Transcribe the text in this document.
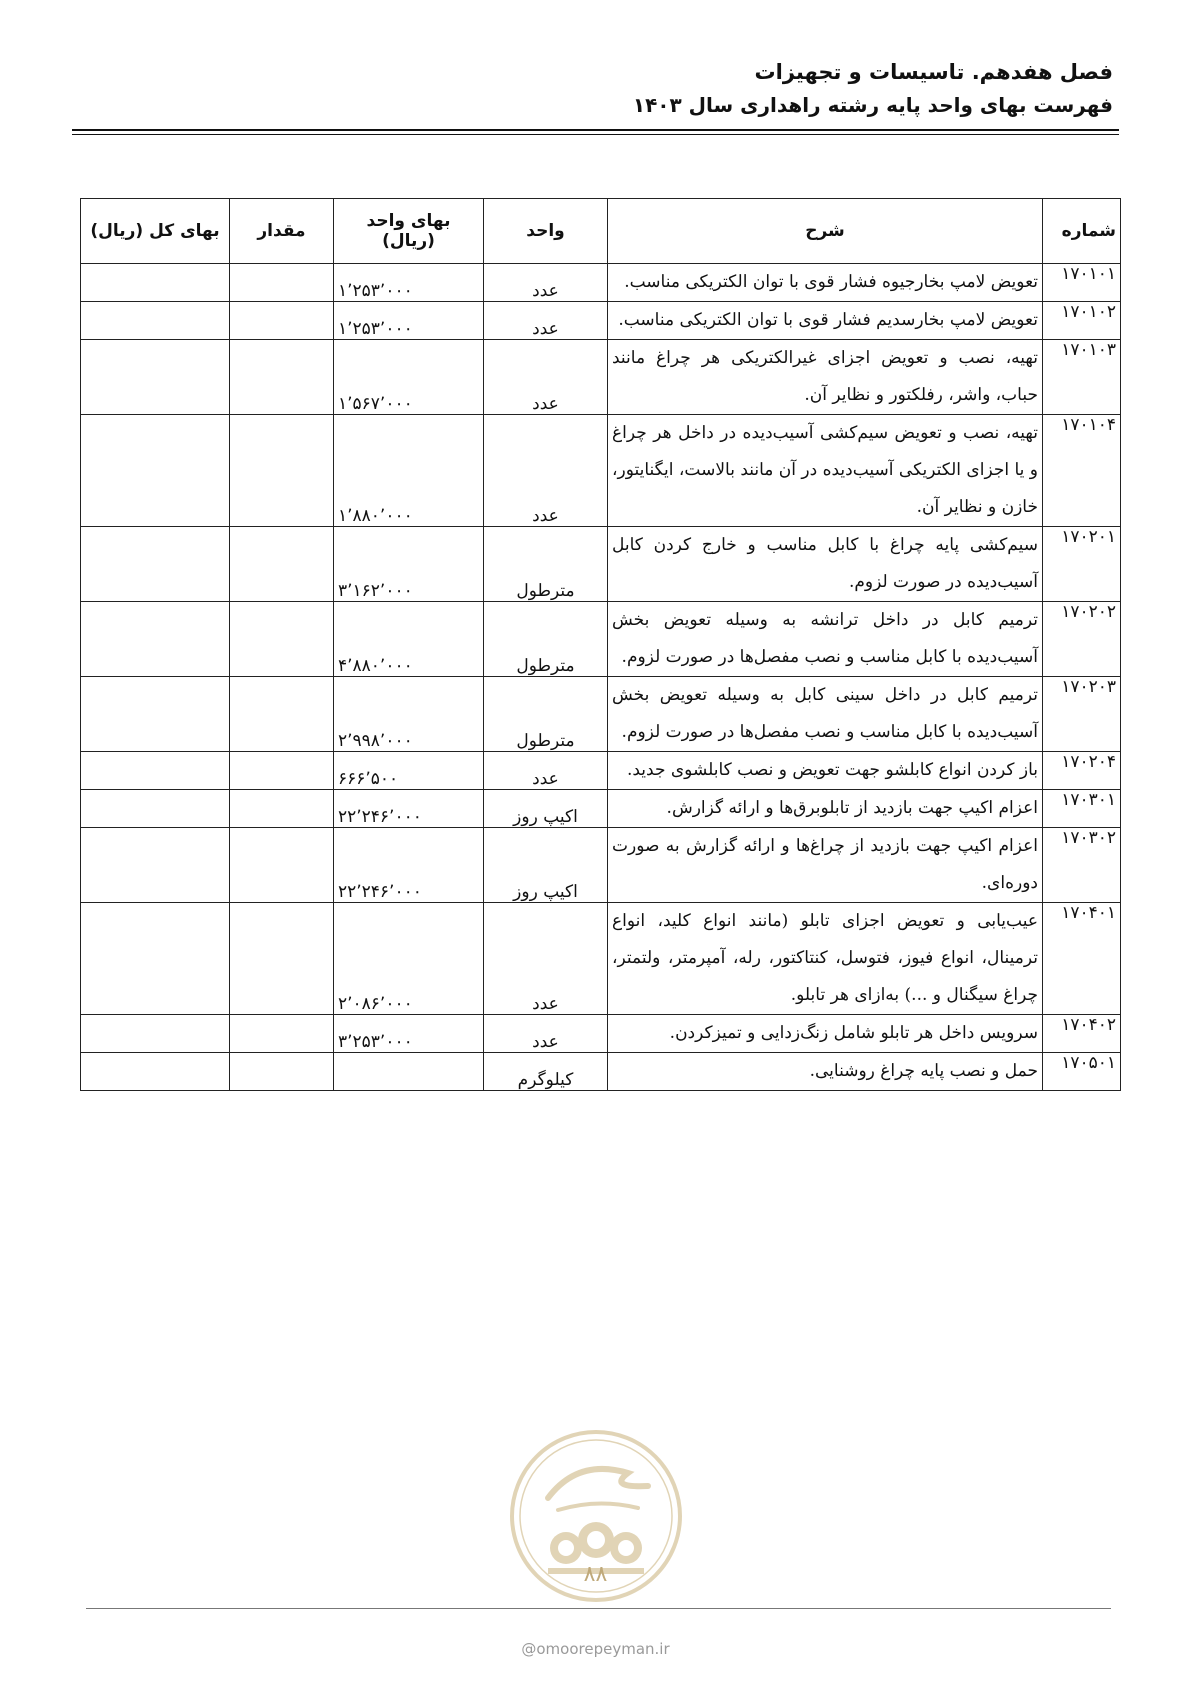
فصل هفدهم. تاسیسات و تجهیزات
فهرست بهای واحد پایه رشته راهداری سال ۱۴۰۳
شماره	شرح	واحد	بهای واحد (ریال)	مقدار	بهای کل (ریال)
۱۷۰۱۰۱	تعویض لامپ بخارجیوه فشار قوی با توان الکتریکی مناسب.	عدد	۱٬۲۵۳٬۰۰۰		
۱۷۰۱۰۲	تعویض لامپ بخارسدیم فشار قوی با توان الکتریکی مناسب.	عدد	۱٬۲۵۳٬۰۰۰		
۱۷۰۱۰۳	تهیه، نصب و تعویض اجزای غیرالکتریکی هر چراغ مانند حباب، واشر، رفلکتور و نظایر آن.	عدد	۱٬۵۶۷٬۰۰۰		
۱۷۰۱۰۴	تهیه، نصب و تعویض سیم‌کشی آسیب‌دیده در داخل هر چراغ و یا اجزای الکتریکی آسیب‌دیده در آن مانند بالاست، ایگنایتور، خازن و نظایر آن.	عدد	۱٬۸۸۰٬۰۰۰		
۱۷۰۲۰۱	سیم‌کشی پایه چراغ با کابل مناسب و خارج کردن کابل آسیب‌دیده در صورت لزوم.	مترطول	۳٬۱۶۲٬۰۰۰		
۱۷۰۲۰۲	ترمیم کابل در داخل ترانشه به وسیله تعویض بخش آسیب‌دیده با کابل مناسب و نصب مفصل‌ها در صورت لزوم.	مترطول	۴٬۸۸۰٬۰۰۰		
۱۷۰۲۰۳	ترمیم کابل در داخل سینی کابل به وسیله تعویض بخش آسیب‌دیده با کابل مناسب و نصب مفصل‌ها در صورت لزوم.	مترطول	۲٬۹۹۸٬۰۰۰		
۱۷۰۲۰۴	باز کردن انواع کابلشو جهت تعویض و نصب کابلشوی جدید.	عدد	۶۶۶٬۵۰۰		
۱۷۰۳۰۱	اعزام اکیپ جهت بازدید از تابلوبرق‌ها و ارائه گزارش.	اکیپ روز	۲۲٬۲۴۶٬۰۰۰		
۱۷۰۳۰۲	اعزام اکیپ جهت بازدید از چراغ‌ها و ارائه گزارش به صورت دوره‌ای.	اکیپ روز	۲۲٬۲۴۶٬۰۰۰		
۱۷۰۴۰۱	عیب‌یابی و تعویض اجزای تابلو (مانند انواع کلید، انواع ترمینال، انواع فیوز، فتوسل، کنتاکتور، رله، آمپرمتر، ولتمتر، چراغ سیگنال و ...) به‌ازای هر تابلو.	عدد	۲٬۰۸۶٬۰۰۰		
۱۷۰۴۰۲	سرویس داخل هر تابلو شامل زنگ‌زدایی و تمیزکردن.	عدد	۳٬۲۵۳٬۰۰۰		
۱۷۰۵۰۱	حمل و نصب پایه چراغ روشنایی.	کیلوگرم			
۸۸
@omoorepeyman.ir
